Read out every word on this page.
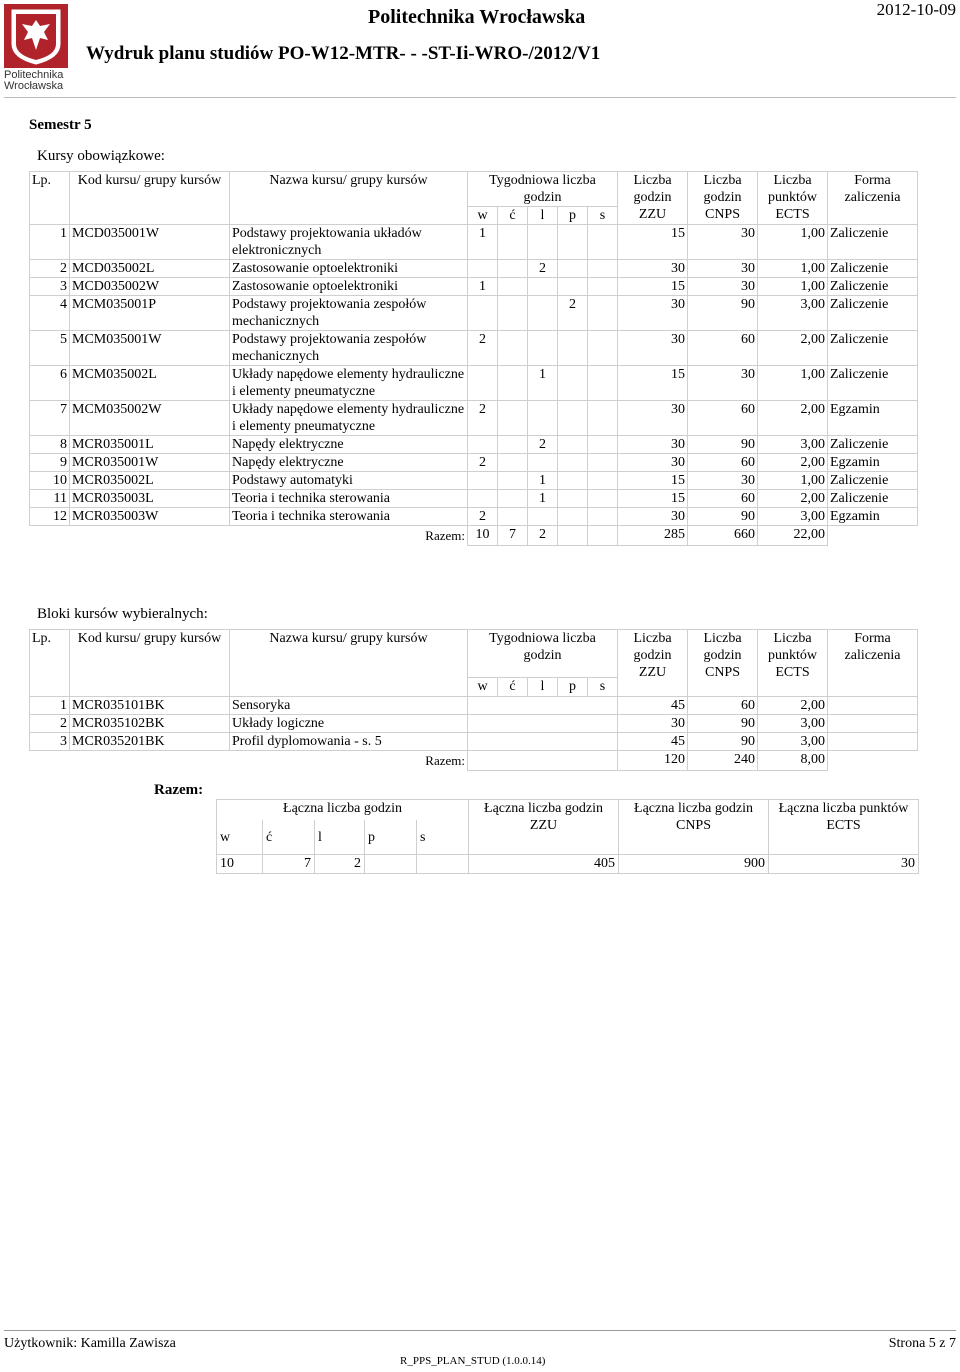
Politechnika
Wrocławska
Politechnika Wrocławska	2012-10-09
Wydruk planu studiów PO-W12-MTR- - -ST-Ii-WRO-/2012/V1
Semestr 5
Kursy obowiązkowe:
Lp.	Kod kursu/ grupy kursów	Nazwa kursu/ grupy kursów	Tygodniowa liczba godzin					Liczba godzin ZZU	Liczba godzin CNPS	Liczba punktów ECTS	Forma zaliczenia
			w	ć	l	p	s				
1	MCD035001W	Podstawy projektowania układów elektronicznych	1					15	30	1,00	Zaliczenie
2	MCD035002L	Zastosowanie optoelektroniki			2			30	30	1,00	Zaliczenie
3	MCD035002W	Zastosowanie optoelektroniki	1					15	30	1,00	Zaliczenie
4	MCM035001P	Podstawy projektowania zespołów mechanicznych				2		30	90	3,00	Zaliczenie
5	MCM035001W	Podstawy projektowania zespołów mechanicznych	2					30	60	2,00	Zaliczenie
6	MCM035002L	Układy napędowe elementy hydrauliczne i elementy pneumatyczne			1			15	30	1,00	Zaliczenie
7	MCM035002W	Układy napędowe elementy hydrauliczne i elementy pneumatyczne	2					30	60	2,00	Egzamin
8	MCR035001L	Napędy elektryczne			2			30	90	3,00	Zaliczenie
9	MCR035001W	Napędy elektryczne	2					30	60	2,00	Egzamin
10	MCR035002L	Podstawy automatyki			1			15	30	1,00	Zaliczenie
11	MCR035003L	Teoria i technika sterowania			1			15	60	2,00	Zaliczenie
12	MCR035003W	Teoria i technika sterowania	2					30	90	3,00	Egzamin
Razem:			10	7	2			285	660	22,00	
Bloki kursów wybieralnych:
Lp.	Kod kursu/ grupy kursów	Nazwa kursu/ grupy kursów	Tygodniowa liczba godzin					Liczba godzin ZZU	Liczba godzin CNPS	Liczba punktów ECTS	Forma zaliczenia
			w	ć	l	p	s				
1	MCR035101BK	Sensoryka						45	60	2,00	
2	MCR035102BK	Układy logiczne						30	90	3,00	
3	MCR035201BK	Profil dyplomowania - s. 5						45	90	3,00	
Razem:								120	240	8,00	
Razem:
Łączna liczba godzin					Łączna liczba godzin ZZU	Łączna liczba godzin CNPS	Łączna liczba punktów ECTS
w	ć	l	p	s			
10	7	2			405	900	30
Użytkownik: Kamilla Zawisza	Strona 5 z 7
R_PPS_PLAN_STUD (1.0.0.14)
